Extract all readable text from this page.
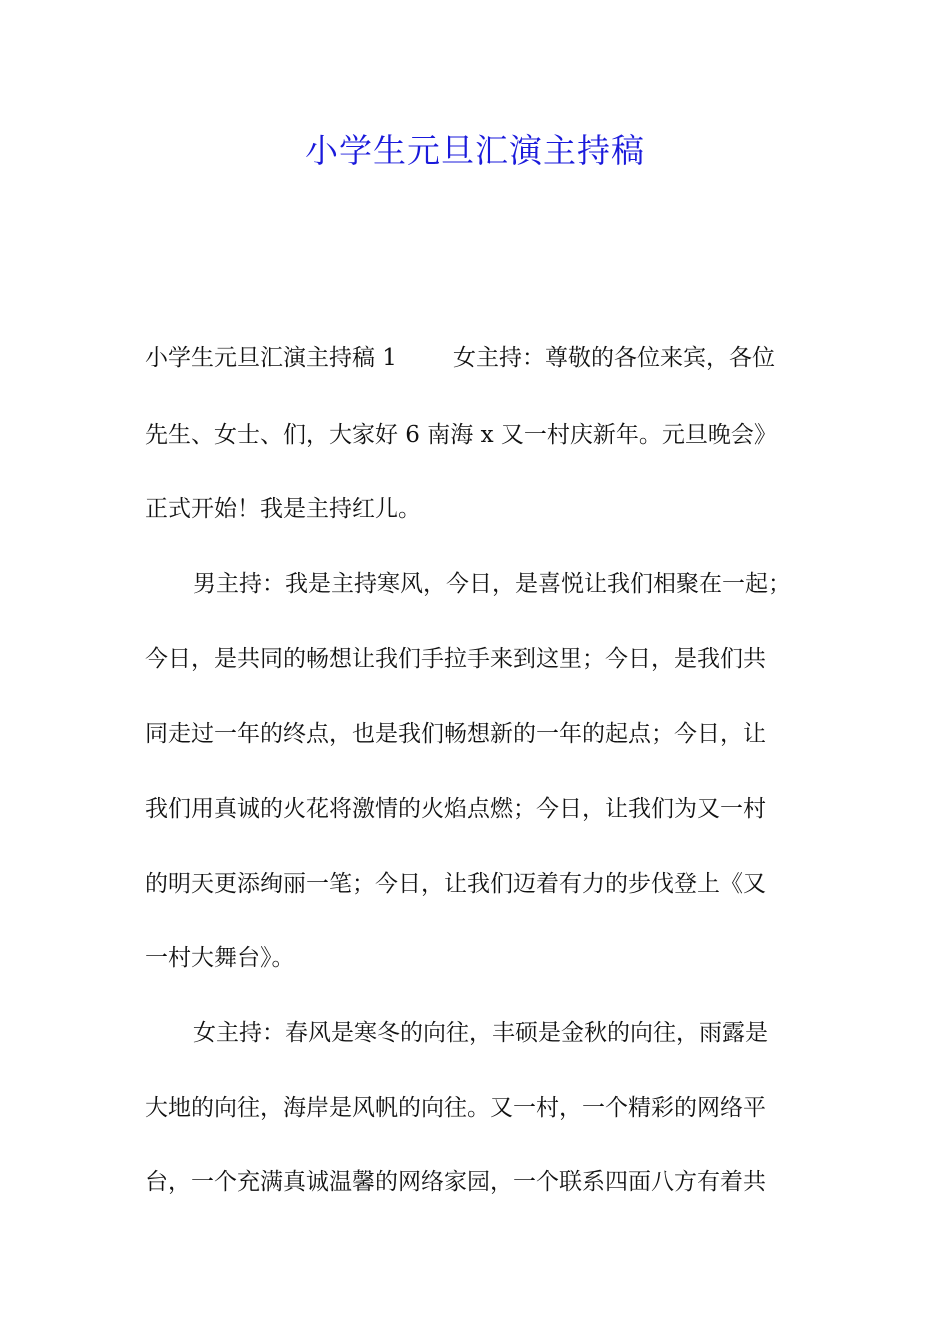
小学生元旦汇演主持稿
小学生元旦汇演主持稿 1 女主持：尊敬的各位来宾，各位
先生、女士、们，大家好 6 南海 x 又一村庆新年。元旦晚会》
正式开始！我是主持红儿。
男主持：我是主持寒风，今日，是喜悦让我们相聚在一起；
今日，是共同的畅想让我们手拉手来到这里；今日，是我们共
同走过一年的终点，也是我们畅想新的一年的起点；今日，让
我们用真诚的火花将激情的火焰点燃；今日，让我们为又一村
的明天更添绚丽一笔；今日，让我们迈着有力的步伐登上《又
一村大舞台》。
女主持：春风是寒冬的向往，丰硕是金秋的向往，雨露是
大地的向往，海岸是风帆的向往。又一村，一个精彩的网络平
台，一个充满真诚温馨的网络家园，一个联系四面八方有着共
